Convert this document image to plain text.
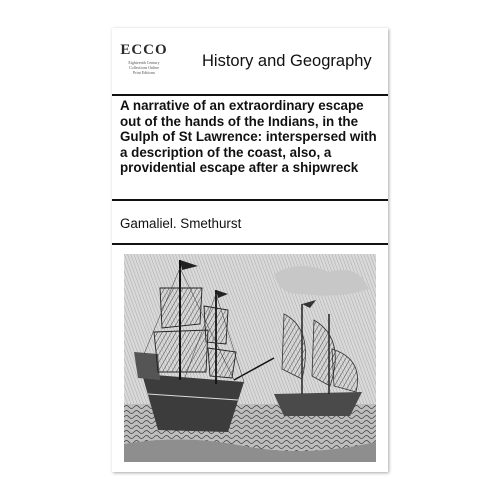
ECCO
Eighteenth Century
Collections Online
Print Editions
History and Geography
A narrative of an extraordinary escape out of the hands of the Indians, in the Gulph of St Lawrence: interspersed with a description of the coast, also, a providential escape after a shipwreck
Gamaliel. Smethurst
